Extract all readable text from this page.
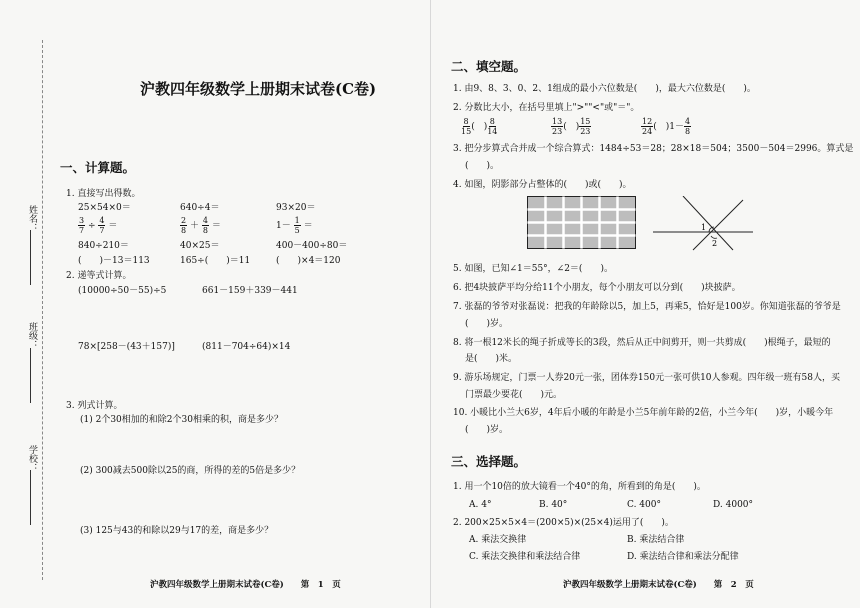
姓名：
班级：
学校：
沪教四年级数学上册期末试卷(C卷)
一、计算题。
1. 直接写出得数。
25×54×0＝	640÷4＝	93×20＝
$\frac{3}{7} \div \frac{4}{7}$ ＝	$\frac{2}{8} + \frac{4}{8}$ ＝	$1- \frac{1}{5}$ ＝
840÷210＝	40×25＝	400－400÷80＝
(　　)－13＝113	165÷(　　)＝11	(　　)×4＝120
2. 递等式计算。
(10000÷50－55)÷5	661－159＋339－441
78×[258－(43＋157)]	(811－704÷64)×14
3. 列式计算。
(1) 2个30相加的和除2个30相乘的积，商是多少？
(2) 300减去500除以25的商，所得的差的5倍是多少？
(3) 125与43的和除以29与17的差，商是多少？
沪教四年级数学上册期末试卷(C卷)　　第　1　页
二、填空题。
1. 由9、8、3、0、2、1组成的最小六位数是(　　)，最大六位数是(　　)。
2. 分数比大小，在括号里填上">""<"或"＝"。
$\frac{8}{15}$ (　) $\frac{8}{14}$	$\frac{13}{23}$ (　) $\frac{15}{23}$	$\frac{12}{24}$ (　)$1- \frac{4}{8}$
3. 把分步算式合并成一个综合算式：1484÷53＝28；28×18＝504；3500－504＝2996。算式是
(　　)。
4. 如图，阴影部分占整体的(　　)或(　　)。
1
2
5. 如图，已知∠1＝55°，∠2＝(　　)。
6. 把4块披萨平均分给11个小朋友，每个小朋友可以分到(　　)块披萨。
7. 张磊的爷爷对张磊说：把我的年龄除以5，加上5，再乘5，恰好是100岁。你知道张磊的爷爷是
(　　)岁。
8. 将一根12米长的绳子折成等长的3段，然后从正中间剪开，则一共剪成(　　)根绳子，最短的
是(　　)米。
9. 游乐场规定，门票一人券20元一张，团体券150元一张可供10人参观。四年级一班有58人，买
门票最少要花(　　)元。
10. 小暖比小兰大6岁，4年后小暖的年龄是小兰5年前年龄的2倍，小兰今年(　　)岁，小暖今年
(　　)岁。
三、选择题。
1. 用一个10倍的放大镜看一个40°的角，所看到的角是(　　)。
A. 4°	B. 40°	C. 400°	D. 4000°
2. 200×25×5×4＝(200×5)×(25×4)运用了(　　)。
A. 乘法交换律	B. 乘法结合律
C. 乘法交换律和乘法结合律	D. 乘法结合律和乘法分配律
沪教四年级数学上册期末试卷(C卷)　　第　2　页
